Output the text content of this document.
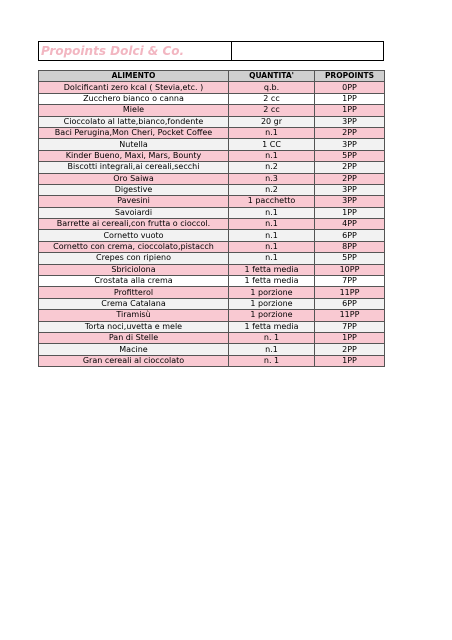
Propoints Dolci & Co.
ALIMENTO	QUANTITA'	PROPOINTS
Dolcificanti zero kcal ( Stevia,etc. )	q.b.	0PP
Zucchero bianco o canna	2 cc	1PP
Miele	2 cc	1PP
Cioccolato al latte,bianco,fondente	20 gr	3PP
Baci Perugina,Mon Cheri, Pocket Coffee	n.1	2PP
Nutella	1 CC	3PP
Kinder Bueno, Maxi, Mars, Bounty	n.1	5PP
Biscotti integrali,ai cereali,secchi	n.2	2PP
Oro Saiwa	n.3	2PP
Digestive	n.2	3PP
Pavesini	1 pacchetto	3PP
Savoiardi	n.1	1PP
Barrette ai cereali,con frutta o cioccol.	n.1	4PP
Cornetto vuoto	n.1	6PP
Cornetto con crema, cioccolato,pistacch	n.1	8PP
Crepes con ripieno	n.1	5PP
Sbriciolona	1 fetta media	10PP
Crostata alla crema	1 fetta media	7PP
Profitterol	1 porzione	11PP
Crema Catalana	1 porzione	6PP
Tiramisù	1 porzione	11PP
Torta noci,uvetta e mele	1 fetta media	7PP
Pan di Stelle	n. 1	1PP
Macine	n.1	2PP
Gran cereali al cioccolato	n. 1	1PP
